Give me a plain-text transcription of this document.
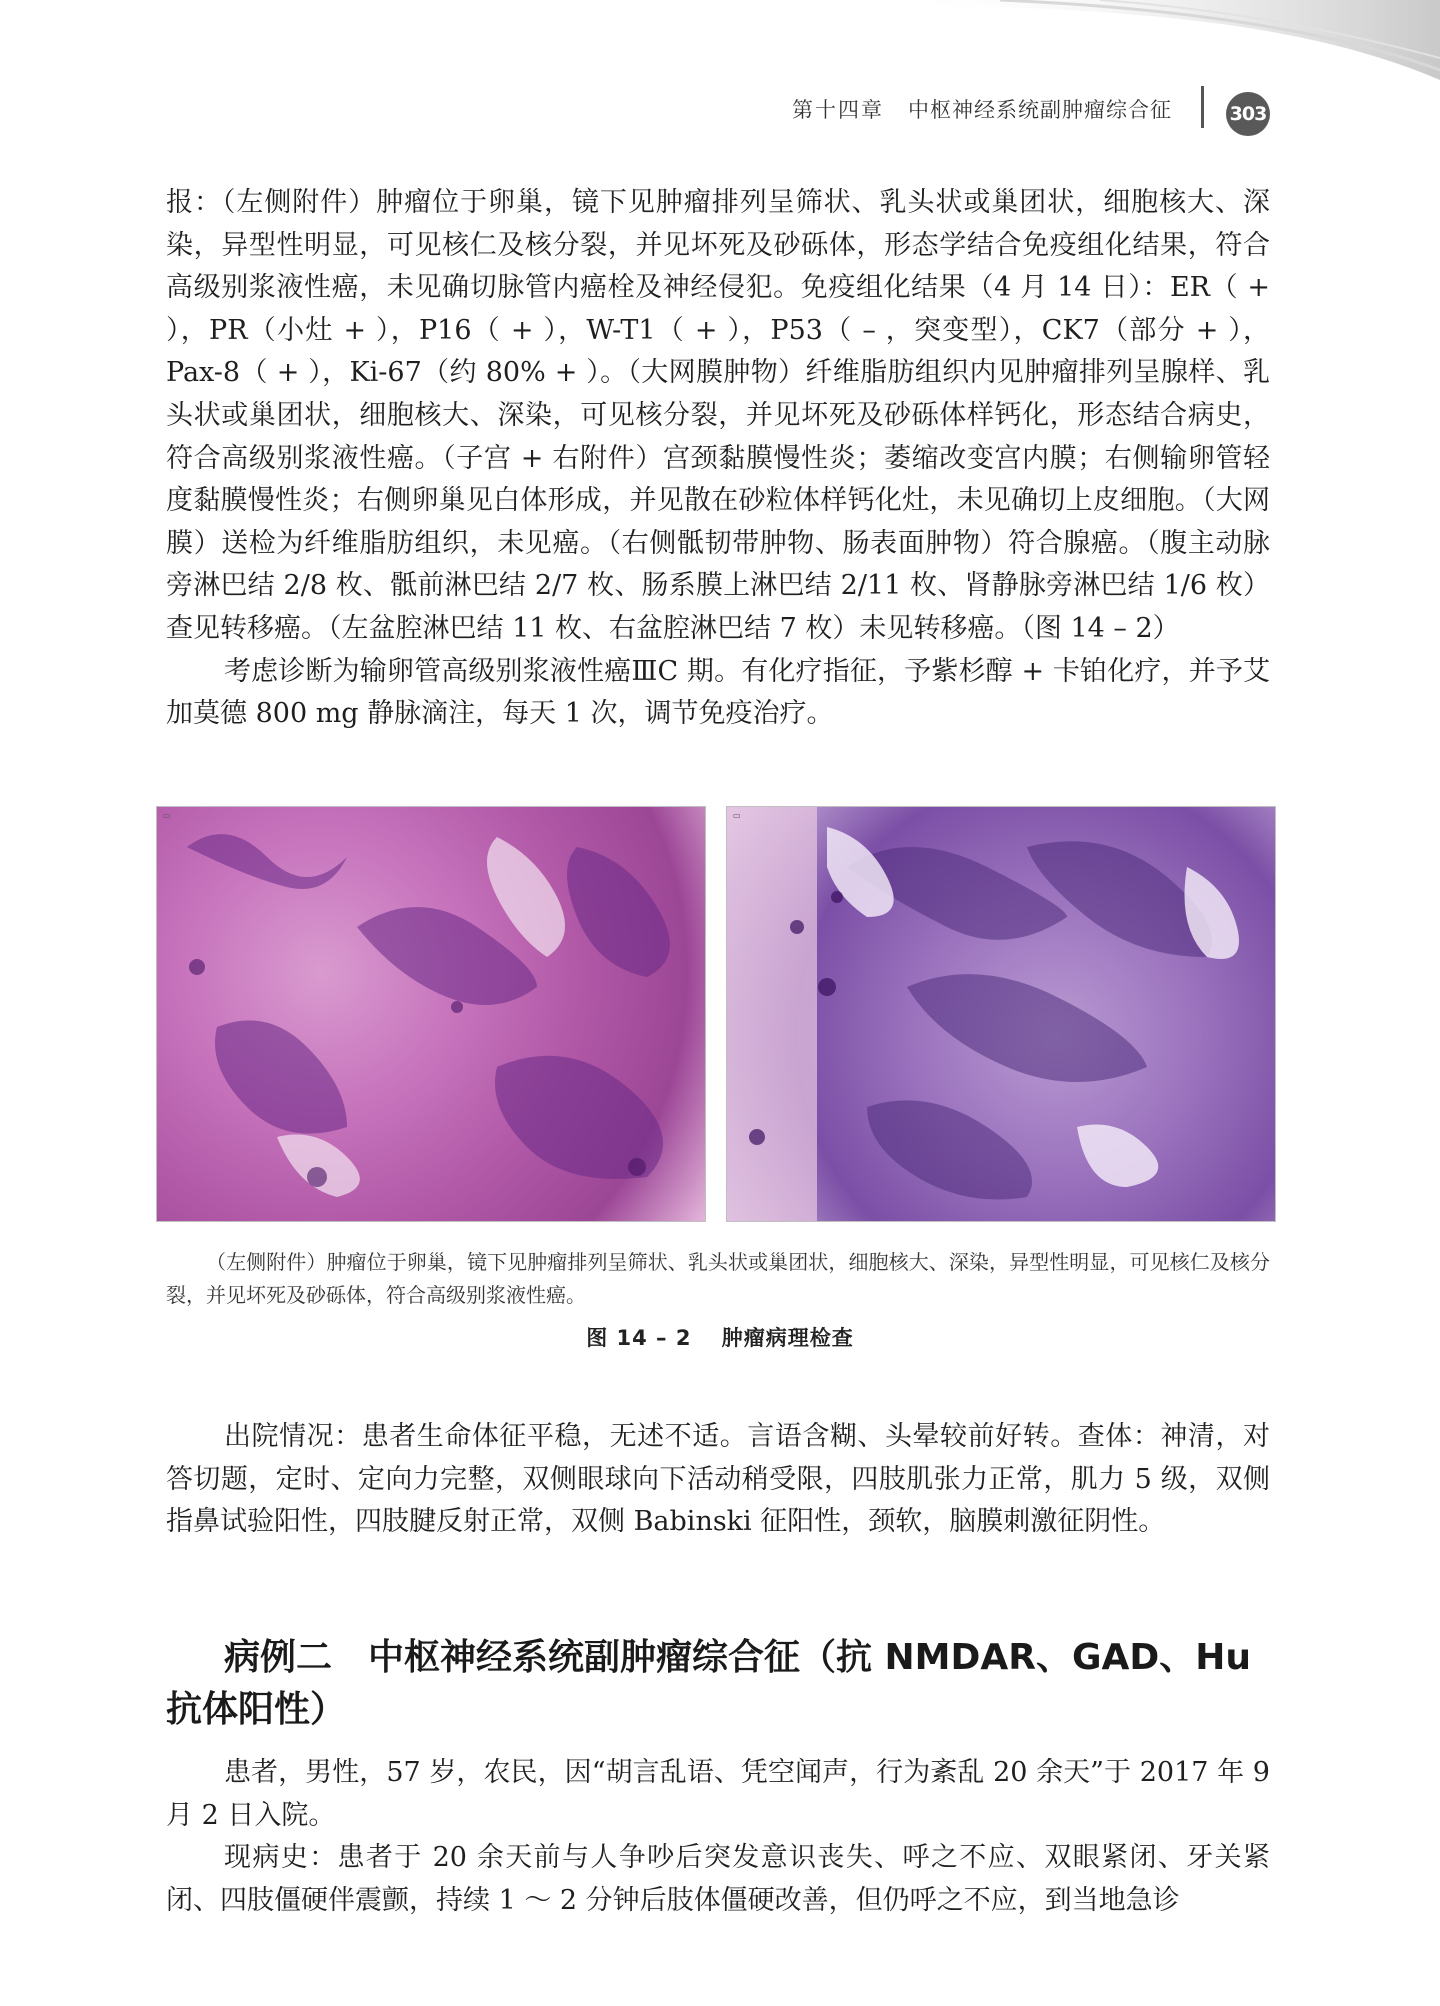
第十四章 中枢神经系统副肿瘤综合征	303

报：（左侧附件）肿瘤位于卵巢，镜下见肿瘤排列呈筛状、乳头状或巢团状，细胞核大、深染，异型性明显，可见核仁及核分裂，并见坏死及砂砾体，形态学结合免疫组化结果，符合高级别浆液性癌，未见确切脉管内癌栓及神经侵犯。免疫组化结果（4 月 14 日）：ER（ + ），PR（小灶 + ），P16（ + ），W-T1（ + ），P53（ – ，突变型），CK7（部分 + ），Pax-8（ + ），Ki-67（约 80% + ）。（大网膜肿物）纤维脂肪组织内见肿瘤排列呈腺样、乳头状或巢团状，细胞核大、深染，可见核分裂，并见坏死及砂砾体样钙化，形态结合病史，符合高级别浆液性癌。（子宫 + 右附件）宫颈黏膜慢性炎；萎缩改变宫内膜；右侧输卵管轻度黏膜慢性炎；右侧卵巢见白体形成，并见散在砂粒体样钙化灶，未见确切上皮细胞。（大网膜）送检为纤维脂肪组织，未见癌。（右侧骶韧带肿物、肠表面肿物）符合腺癌。（腹主动脉旁淋巴结 2/8 枚、骶前淋巴结 2/7 枚、肠系膜上淋巴结 2/11 枚、肾静脉旁淋巴结 1/6 枚）查见转移癌。（左盆腔淋巴结 11 枚、右盆腔淋巴结 7 枚）未见转移癌。（图 14 – 2）

考虑诊断为输卵管高级别浆液性癌ⅢC 期。有化疗指征，予紫杉醇 + 卡铂化疗，并予艾加莫德 800 mg 静脉滴注，每天 1 次，调节免疫治疗。

▭	▭

（左侧附件）肿瘤位于卵巢，镜下见肿瘤排列呈筛状、乳头状或巢团状，细胞核大、深染，异型性明显，可见核仁及核分裂，并见坏死及砂砾体，符合高级别浆液性癌。

图 14 – 2 肿瘤病理检查

出院情况：患者生命体征平稳，无述不适。言语含糊、头晕较前好转。查体：神清，对答切题，定时、定向力完整，双侧眼球向下活动稍受限，四肢肌张力正常，肌力 5 级，双侧指鼻试验阳性，四肢腱反射正常，双侧 Babinski 征阳性，颈软，脑膜刺激征阴性。

病例二 中枢神经系统副肿瘤综合征（抗 NMDAR、GAD、Hu 抗体阳性）

患者，男性，57 岁，农民，因“胡言乱语、凭空闻声，行为紊乱 20 余天”于 2017 年 9 月 2 日入院。

现病史：患者于 20 余天前与人争吵后突发意识丧失、呼之不应、双眼紧闭、牙关紧闭、四肢僵硬伴震颤，持续 1 ～ 2 分钟后肢体僵硬改善，但仍呼之不应，到当地急诊
